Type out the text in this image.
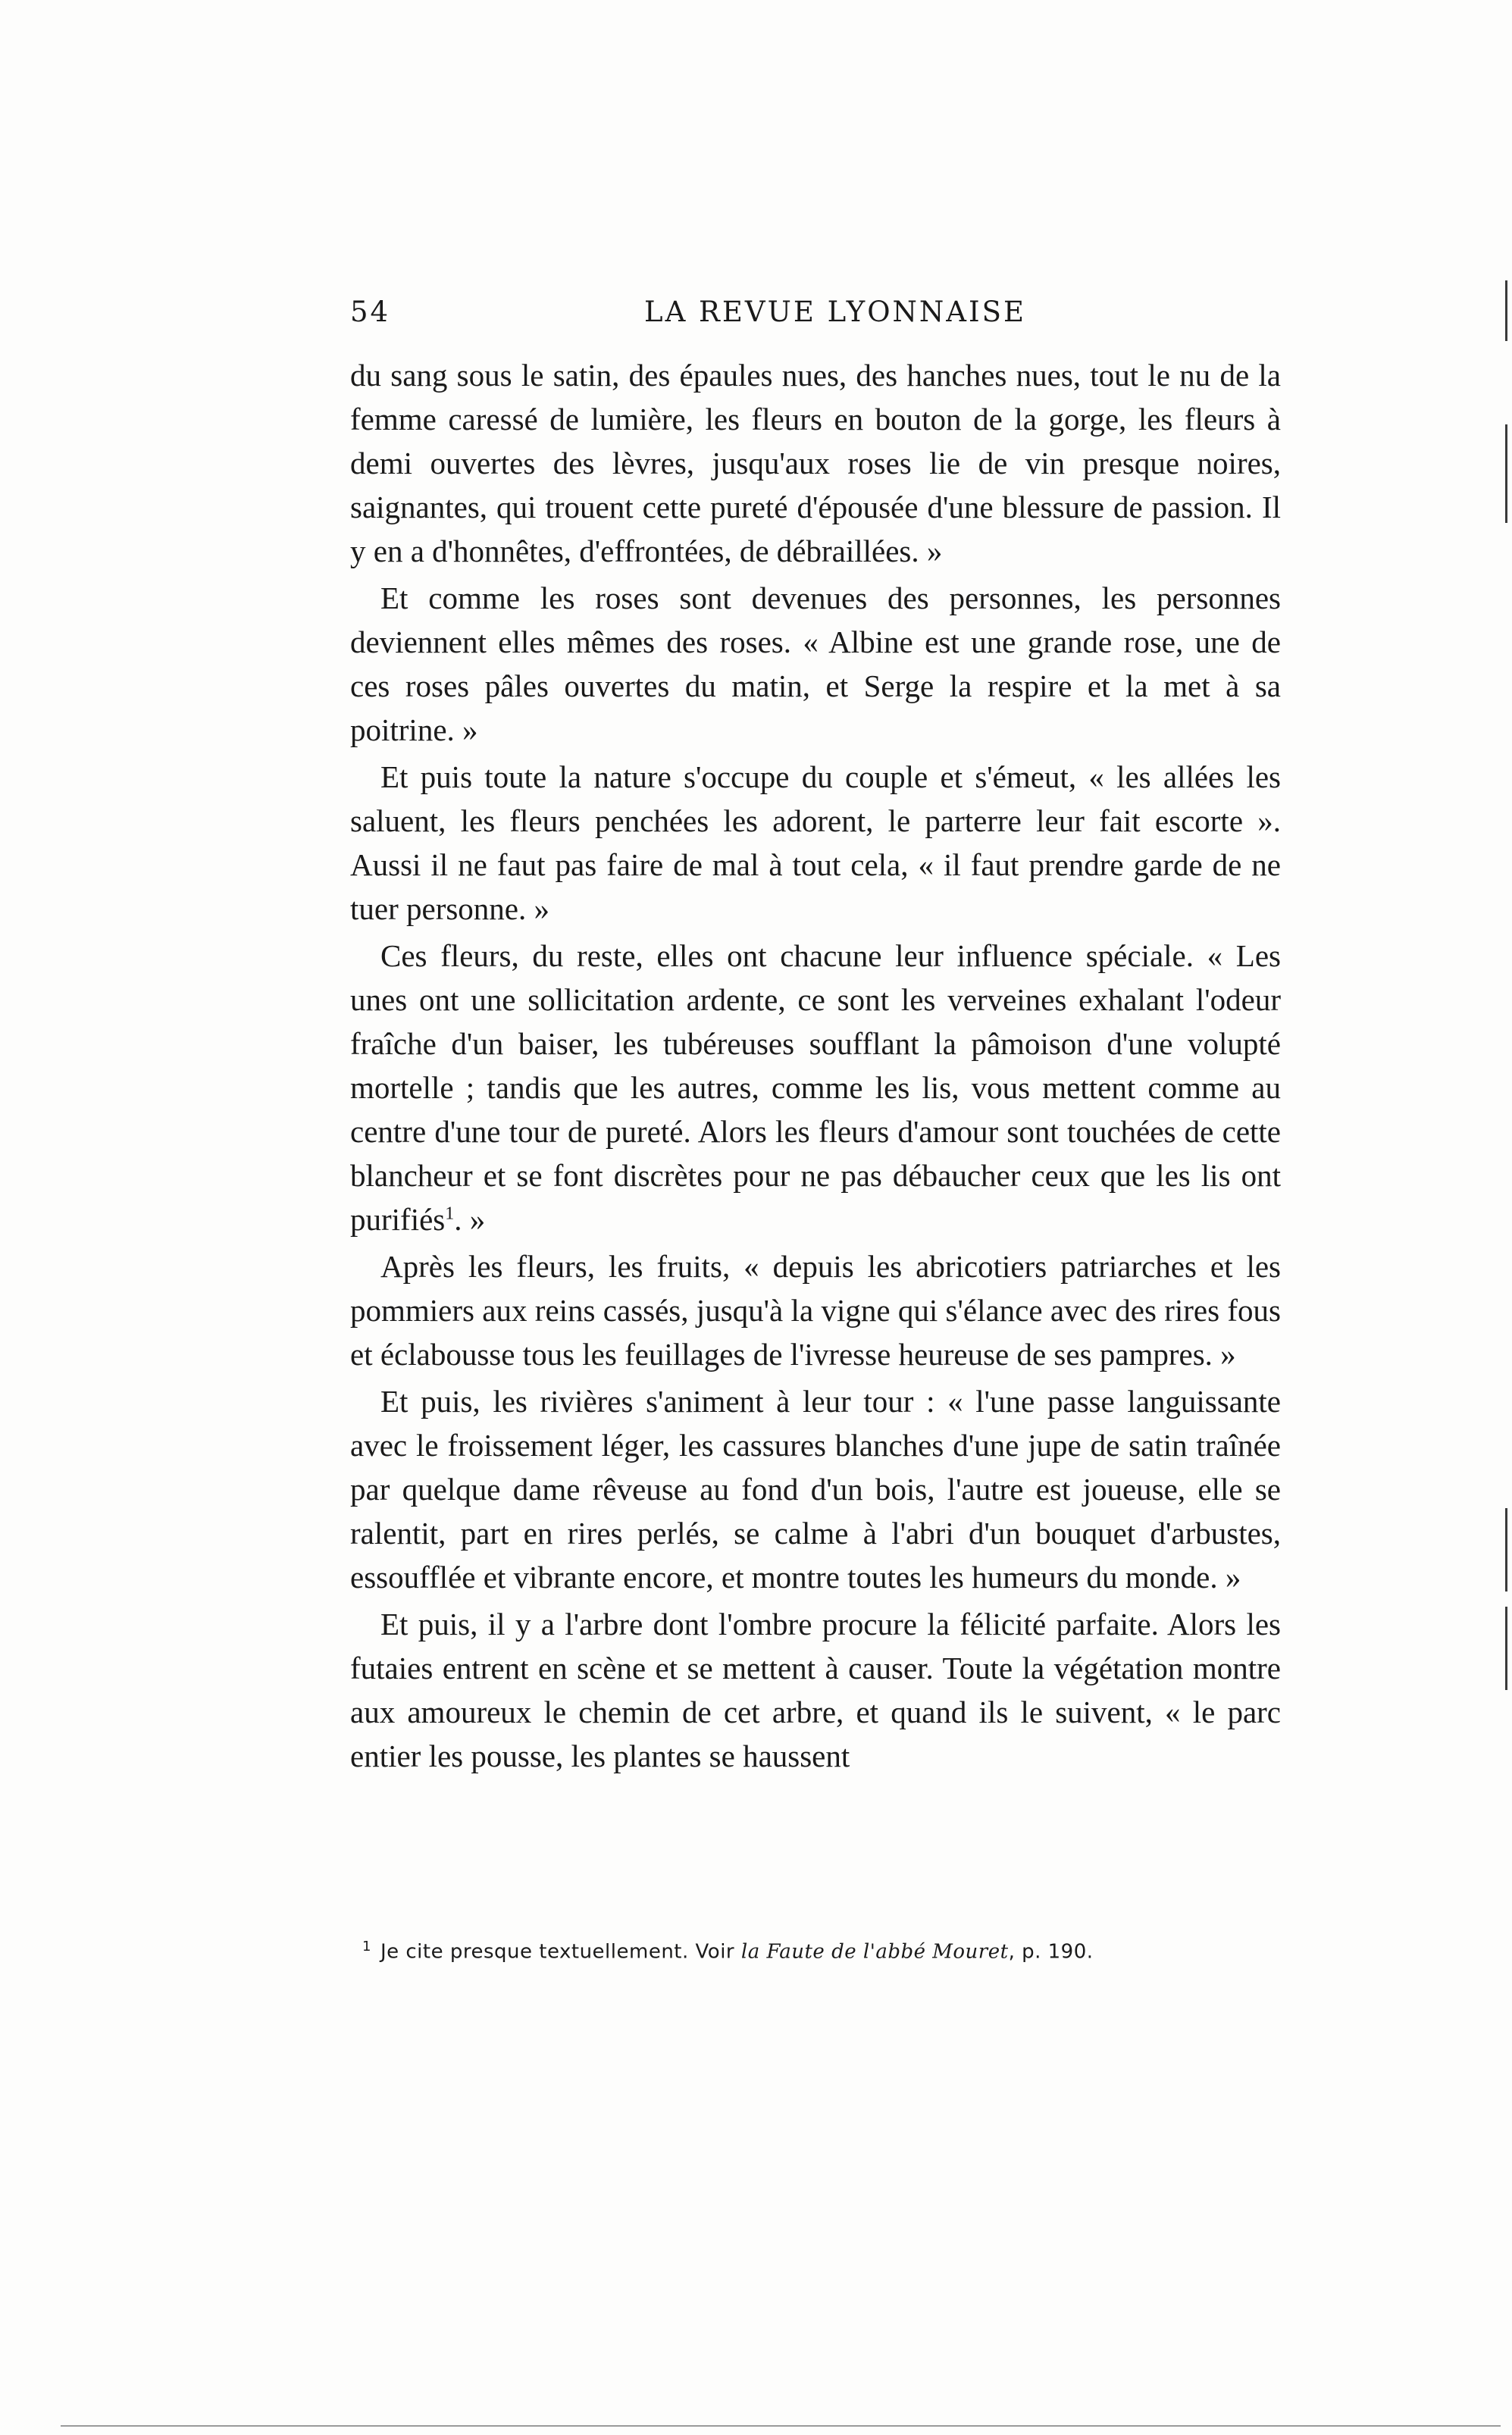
54	LA REVUE LYONNAISE

du sang sous le satin, des épaules nues, des hanches nues, tout le nu de la femme caressé de lumière, les fleurs en bouton de la gorge, les fleurs à demi ouvertes des lèvres, jusqu'aux roses lie de vin presque noires, saignantes, qui trouent cette pureté d'épousée d'une blessure de passion. Il y en a d'honnêtes, d'effrontées, de débraillées. »

Et comme les roses sont devenues des personnes, les personnes deviennent elles mêmes des roses. « Albine est une grande rose, une de ces roses pâles ouvertes du matin, et Serge la respire et la met à sa poitrine. »

Et puis toute la nature s'occupe du couple et s'émeut, « les allées les saluent, les fleurs penchées les adorent, le parterre leur fait escorte ». Aussi il ne faut pas faire de mal à tout cela, « il faut prendre garde de ne tuer personne. »

Ces fleurs, du reste, elles ont chacune leur influence spéciale. « Les unes ont une sollicitation ardente, ce sont les verveines exhalant l'odeur fraîche d'un baiser, les tubéreuses soufflant la pâmoison d'une volupté mortelle ; tandis que les autres, comme les lis, vous mettent comme au centre d'une tour de pureté. Alors les fleurs d'amour sont touchées de cette blancheur et se font discrètes pour ne pas débaucher ceux que les lis ont purifiés$^1$. »

Après les fleurs, les fruits, « depuis les abricotiers patriarches et les pommiers aux reins cassés, jusqu'à la vigne qui s'élance avec des rires fous et éclabousse tous les feuillages de l'ivresse heureuse de ses pampres. »

Et puis, les rivières s'animent à leur tour : « l'une passe languissante avec le froissement léger, les cassures blanches d'une jupe de satin traînée par quelque dame rêveuse au fond d'un bois, l'autre est joueuse, elle se ralentit, part en rires perlés, se calme à l'abri d'un bouquet d'arbustes, essoufflée et vibrante encore, et montre toutes les humeurs du monde. »

Et puis, il y a l'arbre dont l'ombre procure la félicité parfaite. Alors les futaies entrent en scène et se mettent à causer. Toute la végétation montre aux amoureux le chemin de cet arbre, et quand ils le suivent, « le parc entier les pousse, les plantes se haussent

$^1$ Je cite presque textuellement. Voir la Faute de l'abbé Mouret, p. 190.
